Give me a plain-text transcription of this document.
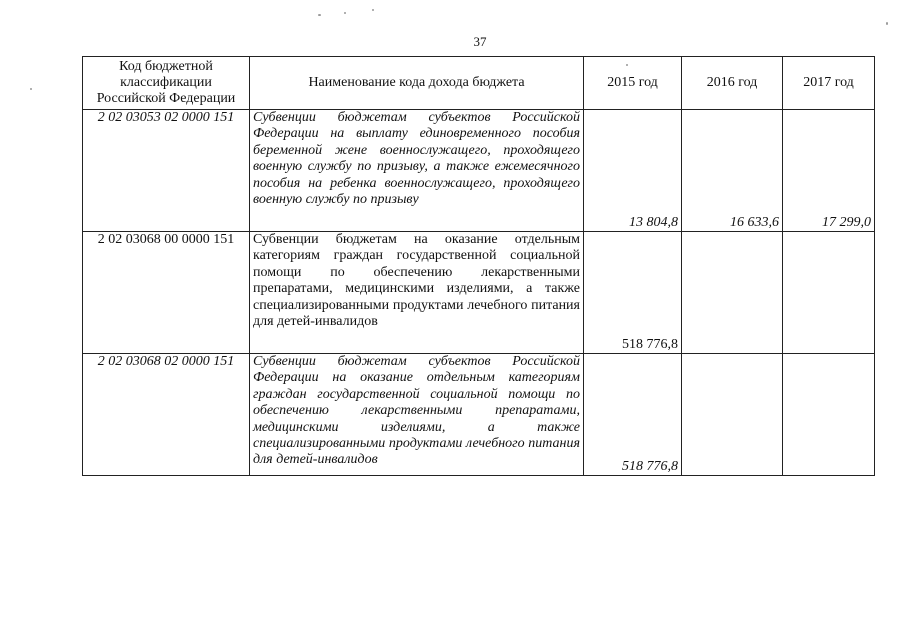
37
Код бюджетной классификации Российской Федерации	Наименование кода дохода бюджета	2015 год	2016 год	2017 год
2 02 03053 02 0000 151	Субвенции бюджетам субъектов Российской Федерации на выплату единовременного пособия беременной жене военнослужащего, проходящего военную службу по призыву, а также ежемесячного пособия на ребенка военнослужащего, проходящего военную службу по призыву	13 804,8	16 633,6	17 299,0
2 02 03068 00 0000 151	Субвенции бюджетам на оказание отдельным категориям граждан государственной социальной помощи по обеспечению лекарственными препаратами, медицинскими изделиями, а также специализированными продуктами лечебного питания для детей-инвалидов	518 776,8		
2 02 03068 02 0000 151	Субвенции бюджетам субъектов Российской Федерации на оказание отдельным категориям граждан государственной социальной помощи по обеспечению лекарственными препаратами, медицинскими изделиями, а также специализированными продуктами лечебного питания для детей-инвалидов	518 776,8		
